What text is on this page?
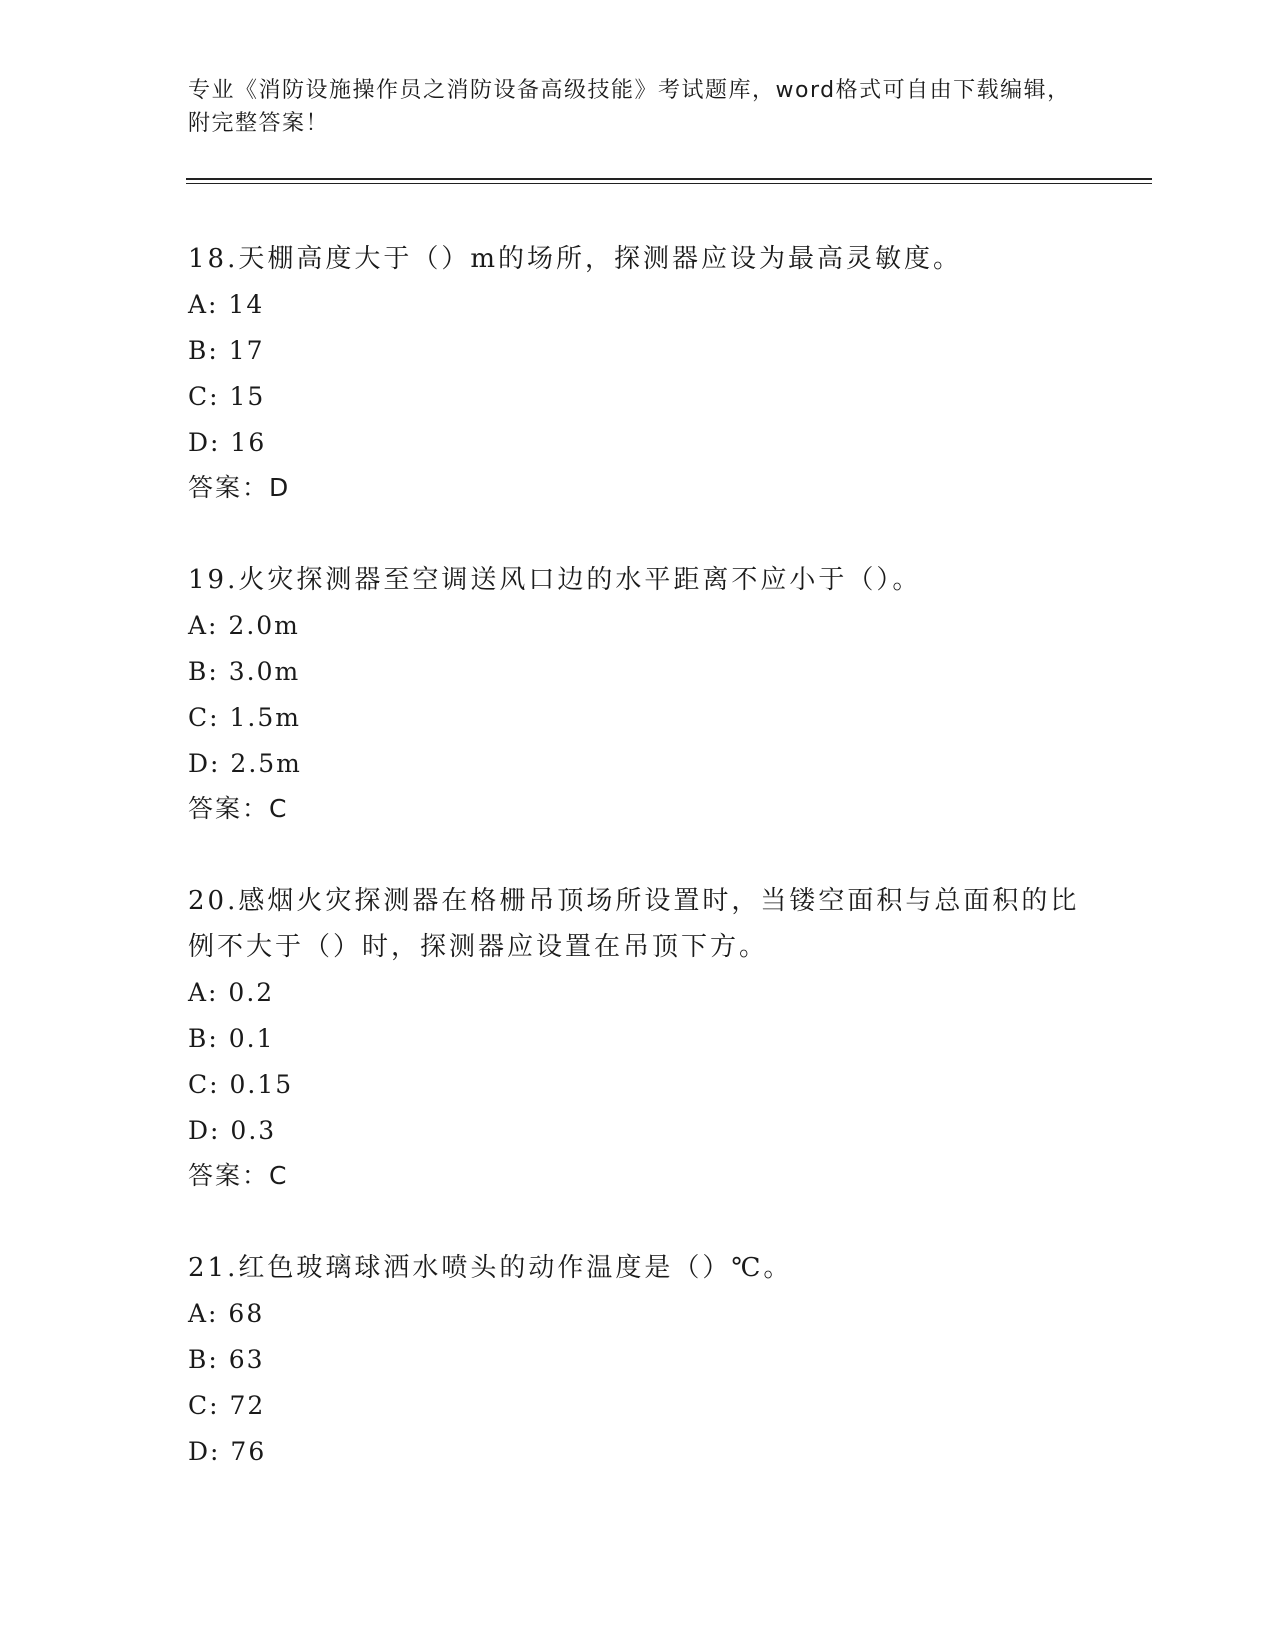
专业《消防设施操作员之消防设备高级技能》考试题库，word格式可自由下载编辑，附完整答案！
18.天棚高度大于（）m的场所，探测器应设为最高灵敏度。
A: 14
B: 17
C: 15
D: 16
答案：D
19.火灾探测器至空调送风口边的水平距离不应小于（）。
A: 2.0m
B: 3.0m
C: 1.5m
D: 2.5m
答案：C
20.感烟火灾探测器在格栅吊顶场所设置时，当镂空面积与总面积的比例不大于（）时，探测器应设置在吊顶下方。
A: 0.2
B: 0.1
C: 0.15
D: 0.3
答案：C
21.红色玻璃球洒水喷头的动作温度是（）℃。
A: 68
B: 63
C: 72
D: 76
